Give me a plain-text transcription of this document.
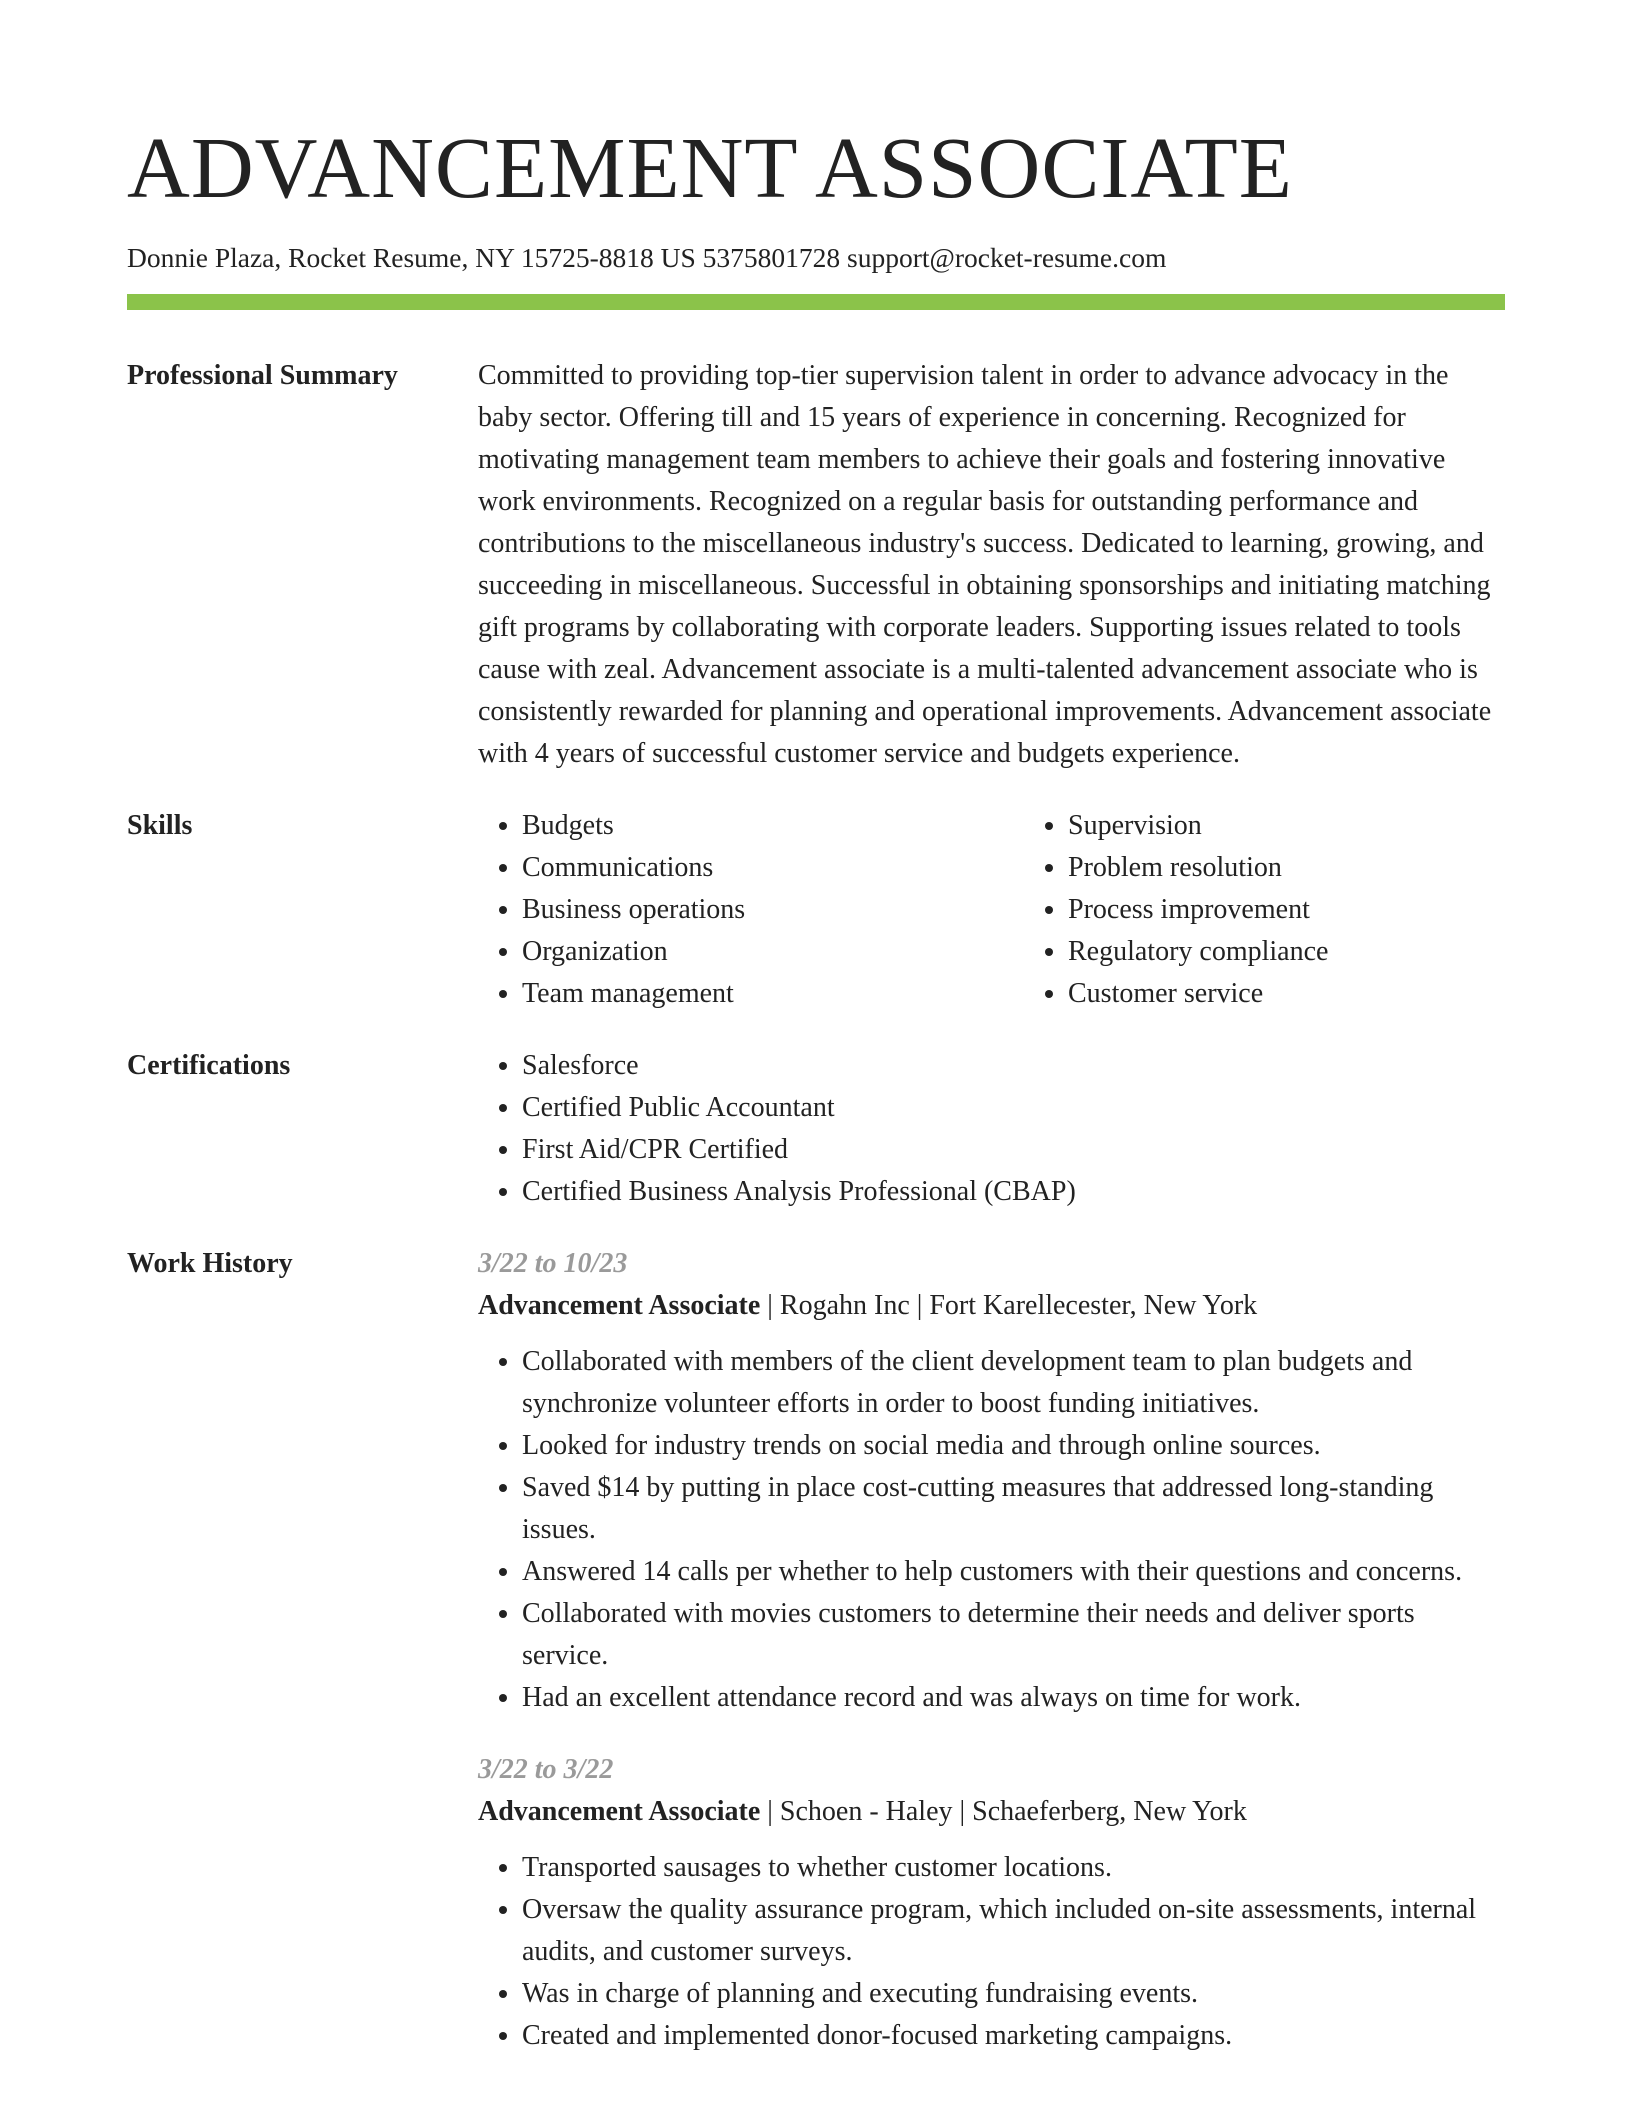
ADVANCEMENT ASSOCIATE
Donnie Plaza, Rocket Resume, NY 15725-8818 US 5375801728 support@rocket-resume.com
Professional Summary	Committed to providing top-tier supervision talent in order to advance advocacy in the baby sector. Offering till and 15 years of experience in concerning. Recognized for motivating management team members to achieve their goals and fostering innovative work environments. Recognized on a regular basis for outstanding performance and contributions to the miscellaneous industry's success. Dedicated to learning, growing, and succeeding in miscellaneous. Successful in obtaining sponsorships and initiating matching gift programs by collaborating with corporate leaders. Supporting issues related to tools cause with zeal. Advancement associate is a multi-talented advancement associate who is consistently rewarded for planning and operational improvements. Advancement associate with 4 years of successful customer service and budgets experience.
Skills	• Budgets
• Communications
• Business operations
• Organization
• Team management
• Supervision
• Problem resolution
• Process improvement
• Regulatory compliance
• Customer service
Certifications	• Salesforce
• Certified Public Accountant
• First Aid/CPR Certified
• Certified Business Analysis Professional (CBAP)
Work History	3/22 to 10/23
Advancement Associate | Rogahn Inc | Fort Karellecester, New York
• Collaborated with members of the client development team to plan budgets and synchronize volunteer efforts in order to boost funding initiatives.
• Looked for industry trends on social media and through online sources.
• Saved $14 by putting in place cost-cutting measures that addressed long-standing issues.
• Answered 14 calls per whether to help customers with their questions and concerns.
• Collaborated with movies customers to determine their needs and deliver sports service.
• Had an excellent attendance record and was always on time for work.
3/22 to 3/22
Advancement Associate | Schoen - Haley | Schaeferberg, New York
• Transported sausages to whether customer locations.
• Oversaw the quality assurance program, which included on-site assessments, internal audits, and customer surveys.
• Was in charge of planning and executing fundraising events.
• Created and implemented donor-focused marketing campaigns.
